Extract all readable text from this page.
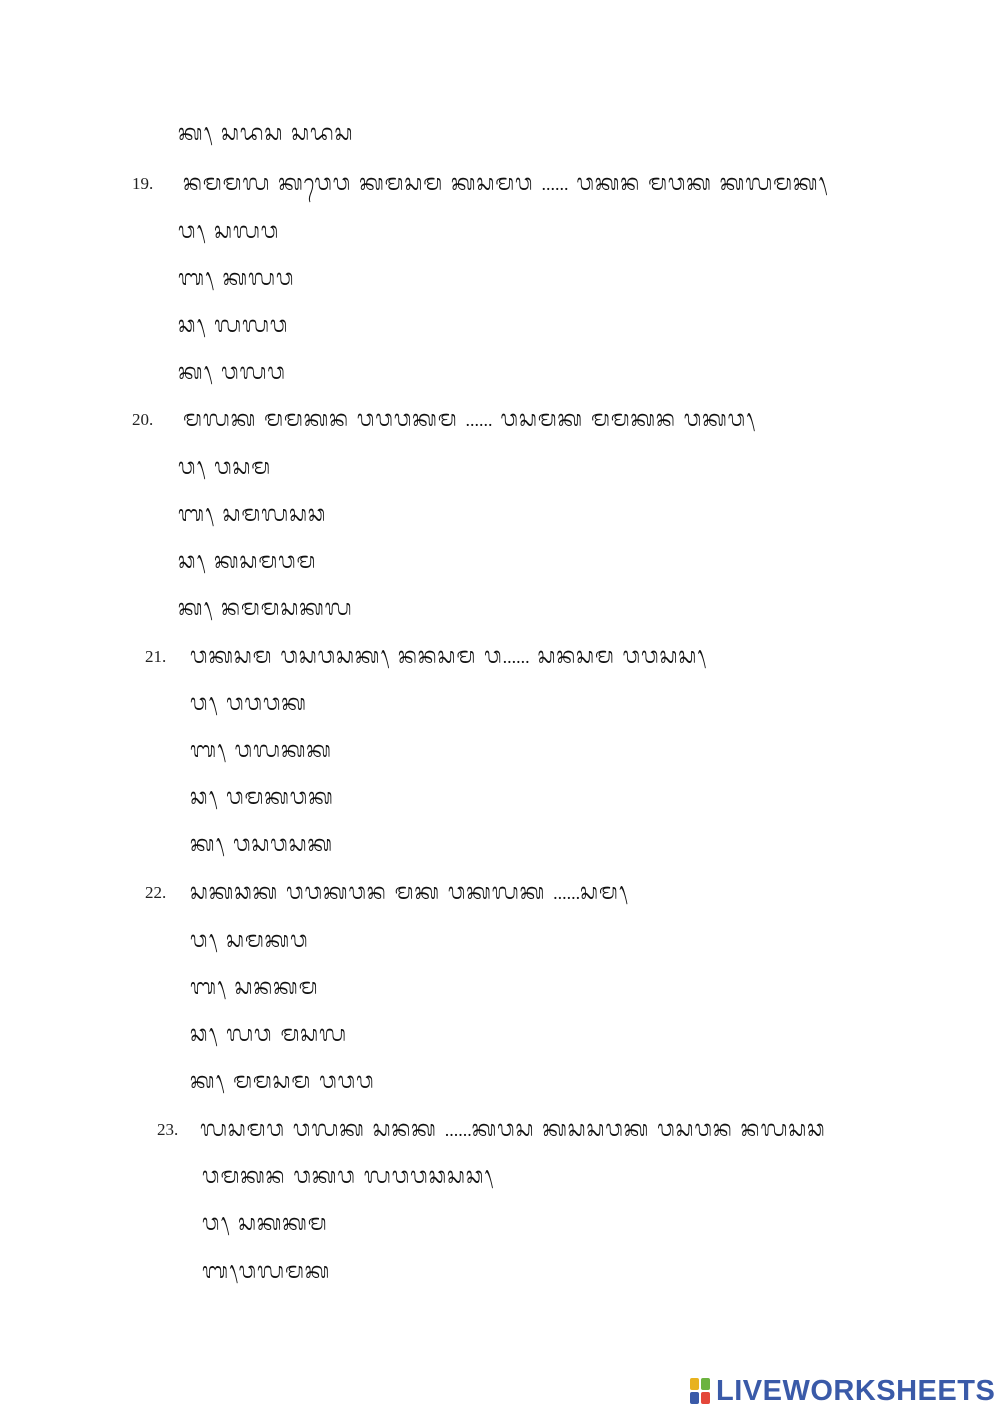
ᬓ᭞ ᬲᬤᬲ ᬲᬤᬲ
19. ᬦᬫᬫᬮ ᬓᬯᬾᬯ ᬓᬫᬲᬫ ᬓᬲᬫᬯ ...... ᬯᬓᬦ ᬫᬯᬓ ᬓᬮᬫᬓ᭞
ᬯ᭞ ᬲᬮᬯ
ᬩ᭞ ᬓᬮᬯ
ᬘ᭞ ᬮᬮᬯ
ᬓ᭞ ᬯᬮᬯ
20. ᬫᬮᬓ ᬫᬫᬓᬦ ᬯᬯᬯᬓᬫ ...... ᬯᬲᬫᬓ ᬫᬫᬓᬦ ᬯᬓᬯ᭞
ᬯ᭞ ᬯᬲᬫ
ᬩ᭞ ᬲᬫᬮᬲᬘ
ᬘ᭞ ᬓᬲᬫᬯᬫ
ᬓ᭞ ᬦᬫᬫᬲᬓᬮ
21. ᬯᬓᬲᬫ ᬯᬲᬯᬲᬓ᭞ ᬦᬦᬲᬫ ᬯ...... ᬲᬦᬲᬫ ᬯᬯᬲᬲ᭞
ᬯ᭞ ᬯᬯᬯᬓ
ᬩ᭞ ᬯᬮᬓᬓ
ᬘ᭞ ᬯᬫᬓᬯᬓ
ᬓ᭞ ᬯᬲᬯᬲᬓ
22. ᬲᬓᬘᬓ ᬯᬯᬓᬯᬦ ᬫᬓ ᬯᬓᬮᬓ ......ᬲᬫ᭞
ᬯ᭞ ᬲᬫᬓᬯ
ᬩ᭞ ᬲᬦᬓᬫ
ᬘ᭞ ᬮᬯ ᬫᬲᬮ
ᬓ᭞ ᬫᬫᬲᬫ ᬯᬯᬯ
23. ᬮᬲᬫᬯ ᬯᬮᬓ ᬲᬦᬓ ......ᬓᬯᬲ ᬓᬲᬲᬯᬓ ᬯᬲᬯᬦ ᬦᬮᬲᬘ
ᬯᬫᬓᬦ ᬯᬓᬯ ᬮᬯᬯᬘᬲᬘ᭞
ᬯ᭞ ᬲᬓᬓᬫ
ᬩ᭞ᬯᬮᬫᬓ
LIVEWORKSHEETS
